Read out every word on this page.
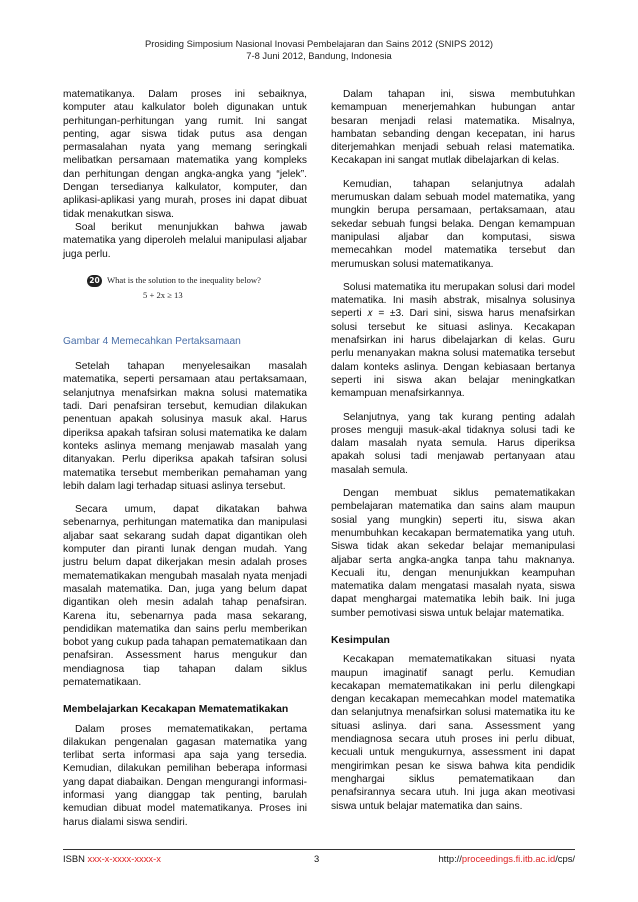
Prosiding Simposium Nasional Inovasi Pembelajaran dan Sains 2012 (SNIPS 2012)
7-8 Juni 2012, Bandung, Indonesia

matematikanya. Dalam proses ini sebaiknya, komputer atau kalkulator boleh digunakan untuk perhitungan-perhitungan yang rumit. Ini sangat penting, agar siswa tidak putus asa dengan permasalahan nyata yang memang seringkali melibatkan persamaan matematika yang kompleks dan perhitungan dengan angka-angka yang “jelek”. Dengan tersedianya kalkulator, komputer, dan aplikasi-aplikasi yang murah, proses ini dapat dibuat tidak menakutkan siswa.

Soal berikut menunjukkan bahwa jawab matematika yang diperoleh melalui manipulasi aljabar juga perlu.

20 What is the solution to the inequality below?
5 + 2x ≥ 13
Gambar 4 Memecahkan Pertaksamaan

Setelah tahapan menyelesaikan masalah matematika, seperti persamaan atau pertaksamaan, selanjutnya menafsirkan makna solusi matematika tadi. Dari penafsiran tersebut, kemudian dilakukan penentuan apakah solusinya masuk akal. Harus diperiksa apakah tafsiran solusi matematika ke dalam konteks aslinya memang menjawab masalah yang ditanyakan. Perlu diperiksa apakah tafsiran solusi matematika tersebut memberikan pemahaman yang lebih dalam lagi terhadap situasi aslinya tersebut.

Secara umum, dapat dikatakan bahwa sebenarnya, perhitungan matematika dan manipulasi aljabar saat sekarang sudah dapat digantikan oleh komputer dan piranti lunak dengan mudah. Yang justru belum dapat dikerjakan mesin adalah proses mematematikakan mengubah masalah nyata menjadi masalah matematika. Dan, juga yang belum dapat digantikan oleh mesin adalah tahap penafsiran. Karena itu, sebenarnya pada masa sekarang, pendidikan matematika dan sains perlu memberikan bobot yang cukup pada tahapan pematematikaan dan penafsiran. Assessment harus mengukur dan mendiagnosa tiap tahapan dalam siklus pematematikaan.

Membelajarkan Kecakapan Mematematikakan

Dalam proses mematematikakan, pertama dilakukan pengenalan gagasan matematika yang terlibat serta informasi apa saja yang tersedia. Kemudian, dilakukan pemilihan beberapa informasi yang dapat diabaikan. Dengan mengurangi informasi-informasi yang dianggap tak penting, barulah kemudian dibuat model matematikanya. Proses ini harus dialami siswa sendiri.

Dalam tahapan ini, siswa membutuhkan kemampuan menerjemahkan hubungan antar besaran menjadi relasi matematika. Misalnya, hambatan sebanding dengan kecepatan, ini harus diterjemahkan menjadi sebuah relasi matematika. Kecakapan ini sangat mutlak dibelajarkan di kelas.

Kemudian, tahapan selanjutnya adalah merumuskan dalam sebuah model matematika, yang mungkin berupa persamaan, pertaksamaan, atau sekedar sebuah fungsi belaka. Dengan kemampuan manipulasi aljabar dan komputasi, siswa memecahkan model matematika tersebut dan merumuskan solusi matematikanya.

Solusi matematika itu merupakan solusi dari model matematika. Ini masih abstrak, misalnya solusinya seperti 𝑥 = ±3. Dari sini, siswa harus menafsirkan solusi tersebut ke situasi aslinya. Kecakapan menafsirkan ini harus dibelajarkan di kelas. Guru perlu menanyakan makna solusi matematika tersebut dalam konteks aslinya. Dengan kebiasaan bertanya seperti ini siswa akan belajar meningkatkan kemampuan menafsirkannya.

Selanjutnya, yang tak kurang penting adalah proses menguji masuk-akal tidaknya solusi tadi ke dalam masalah nyata semula. Harus diperiksa apakah solusi tadi menjawab pertanyaan atau masalah semula.

Dengan membuat siklus pematematikakan pembelajaran matematika dan sains alam maupun sosial yang mungkin) seperti itu, siswa akan menumbuhkan kecakapan bermatematika yang utuh. Siswa tidak akan sekedar belajar memanipulasi aljabar serta angka-angka tanpa tahu maknanya. Kecuali itu, dengan menunjukkan keampuhan matematika dalam mengatasi masalah nyata, siswa dapat menghargai matematika lebih baik. Ini juga sumber pemotivasi siswa untuk belajar matematika.

Kesimpulan

Kecakapan mematematikakan situasi nyata maupun imaginatif sanagt perlu. Kemudian kecakapan mematematikakan ini perlu dilengkapi dengan kecakapan memecahkan model matematika dan selanjutnya menafsirkan solusi matematika itu ke situasi aslinya. dari sana. Assessment yang mendiagnosa secara utuh proses ini perlu dibuat, kecuali untuk mengukurnya, assessment ini dapat mengirimkan pesan ke siswa bahwa kita pendidik menghargai siklus pematematikaan dan penafsirannya secara utuh. Ini juga akan meotivasi siswa untuk belajar matematika dan sains.

ISBN xxx-x-xxxx-xxxx-x	3	http://proceedings.fi.itb.ac.id/cps/
